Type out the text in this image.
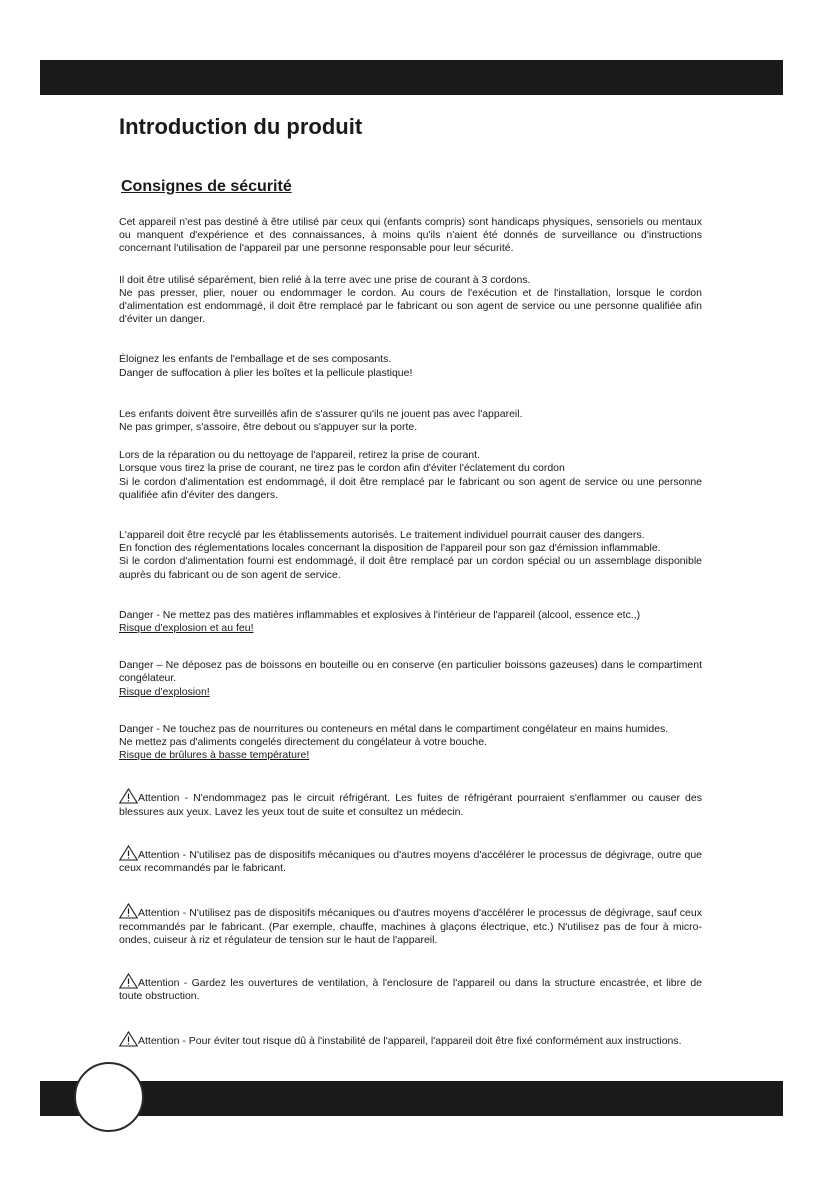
Introduction du produit
Consignes de sécurité
Cet appareil n'est pas destiné à être utilisé par ceux qui (enfants compris) sont handicaps physiques, sensoriels ou mentaux ou manquent d'expérience et des connaissances, à moins qu'ils n'aient été donnés de surveillance ou d'instructions concernant l'utilisation de l'appareil par une personne responsable pour leur sécurité.
Il doit être utilisé séparément, bien relié à la terre avec une prise de courant à 3 cordons.
Ne pas presser, plier, nouer ou endommager le cordon. Au cours de l'exécution et de l'installation, lorsque le cordon d'alimentation est endommagé, il doit être remplacé par le fabricant ou son agent de service ou une personne qualifiée afin d'éviter un danger.
Éloignez les enfants de l'emballage et de ses composants.
Danger de suffocation à plier les boîtes et la pellicule plastique!
Les enfants doivent être surveillés afin de s'assurer qu'ils ne jouent pas avec l'appareil.
Ne pas grimper, s'assoire, être debout ou s'appuyer sur la porte.
Lors de la réparation ou du nettoyage de l'appareil, retirez la prise de courant.
Lorsque vous tirez la prise de courant, ne tirez pas le cordon afin d'éviter l'éclatement du cordon
Si le cordon d'alimentation est endommagé, il doit être remplacé par le fabricant ou son agent de service ou une personne qualifiée afin d'éviter des dangers.
L'appareil doit être recyclé par les établissements autorisés. Le traitement individuel pourrait causer des dangers.
En fonction des réglementations locales concernant la disposition de l'appareil pour son gaz d'émission inflammable.
Si le cordon d'alimentation fourni est endommagé, il doit être remplacé par un cordon spécial ou un assemblage disponible auprès du fabricant ou de son agent de service.
Danger - Ne mettez pas des matières inflammables et explosives à l'intérieur de l'appareil (alcool, essence etc.,)
Risque d'explosion et au feu!
Danger – Ne déposez pas de boissons en bouteille ou en conserve (en particulier boissons gazeuses) dans le compartiment congélateur.
Risque d'explosion!
Danger - Ne touchez pas de nourritures ou conteneurs en métal dans le compartiment congélateur en mains humides.
Ne mettez pas d'aliments congelés directement du congélateur à votre bouche.
Risque de brûlures à basse température!
Attention - N'endommagez pas le circuit réfrigérant. Les fuites de réfrigérant pourraient s'enflammer ou causer des blessures aux yeux. Lavez les yeux tout de suite et consultez un médecin.
Attention - N'utilisez pas de dispositifs mécaniques ou d'autres moyens d'accélérer le processus de dégivrage, outre que ceux recommandés par le fabricant.
Attention - N'utilisez pas de dispositifs mécaniques ou d'autres moyens d'accélérer le processus de dégivrage, sauf ceux recommandés par le fabricant. (Par exemple, chauffe, machines à glaçons électrique, etc.) N'utilisez pas de four à micro-ondes, cuiseur à riz et régulateur de tension sur le haut de l'appareil.
Attention - Gardez les ouvertures de ventilation, à l'enclosure de l'appareil ou dans la structure encastrée, et libre de toute obstruction.
Attention - Pour éviter tout risque dû à l'instabilité de l'appareil, l'appareil doit être fixé conformément aux instructions.
